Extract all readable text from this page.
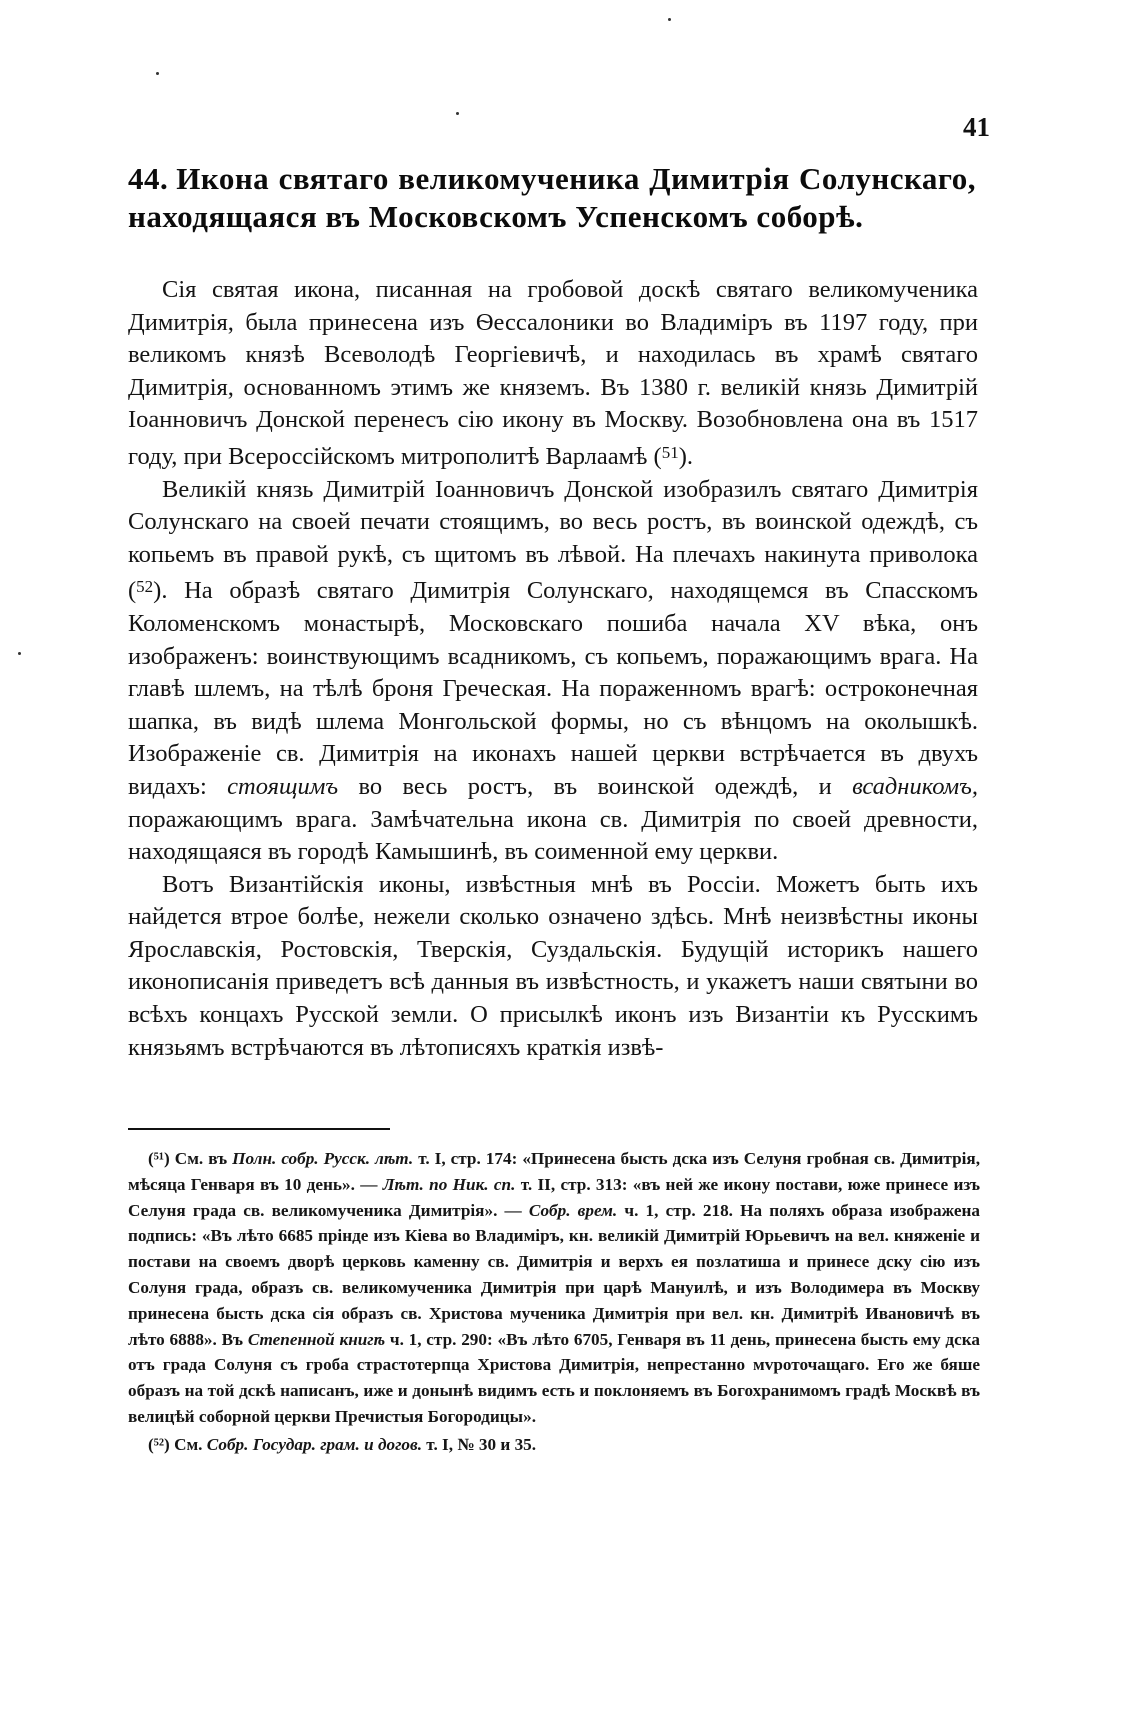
41
44. Икона святаго великомученика Димитрія Солунскаго, находящаяся въ Московскомъ Успенскомъ соборѣ.

Сія святая икона, писанная на гробовой доскѣ святаго великомученика Димитрія, была принесена изъ Ѳессалоники во Владиміръ въ 1197 году, при великомъ князѣ Всеволодѣ Георгіевичѣ, и находилась въ храмѣ святаго Димитрія, основанномъ этимъ же княземъ. Въ 1380 г. великій князь Димитрій Іоанновичъ Донской перенесъ сію икону въ Москву. Возобновлена она въ 1517 году, при Всероссійскомъ митрополитѣ Варлаамѣ ($^{51}$).

Великій князь Димитрій Іоанновичъ Донской изобразилъ святаго Димитрія Солунскаго на своей печати стоящимъ, во весь ростъ, въ воинской одеждѣ, съ копьемъ въ правой рукѣ, съ щитомъ въ лѣвой. На плечахъ накинута приволока ($^{52}$). На образѣ святаго Димитрія Солунскаго, находящемся въ Спасскомъ Коломенскомъ монастырѣ, Московскаго пошиба начала XV вѣка, онъ изображенъ: воинствующимъ всадникомъ, съ копьемъ, поражающимъ врага. На главѣ шлемъ, на тѣлѣ броня Греческая. На пораженномъ врагѣ: остроконечная шапка, въ видѣ шлема Монгольской формы, но съ вѣнцомъ на околышкѣ. Изображеніе св. Димитрія на иконахъ нашей церкви встрѣчается въ двухъ видахъ: стоящимъ во весь ростъ, въ воинской одеждѣ, и всадникомъ, поражающимъ врага. Замѣчательна икона св. Димитрія по своей древности, находящаяся въ городѣ Камышинѣ, въ соименной ему церкви.

Вотъ Византійскія иконы, извѣстныя мнѣ въ Россіи. Можетъ быть ихъ найдется втрое болѣе, нежели сколько означено здѣсь. Мнѣ неизвѣстны иконы Ярославскія, Ростовскія, Тверскія, Суздальскія. Будущій историкъ нашего иконописанія приведетъ всѣ данныя въ извѣстность, и укажетъ наши святыни во всѣхъ концахъ Русской земли. О присылкѣ иконъ изъ Византіи къ Русскимъ князьямъ встрѣчаются въ лѣтописяхъ краткія извѣ-

(⁵¹) См. въ Полн. собр. Русск. лѣт. т. I, стр. 174: «Принесена бысть дска изъ Селуня гробная св. Димитрія, мѣсяца Генваря въ 10 день». — Лѣт. по Ник. сп. т. II, стр. 313: «въ ней же икону постави, юже принесе изъ Селуня града св. великомученика Димитрія». — Собр. врем. ч. 1, стр. 218. На поляхъ образа изображена подпись: «Въ лѣто 6685 прінде изъ Кіева во Владиміръ, кн. великій Димитрій Юрьевичъ на вел. княженіе и постави на своемъ дворѣ церковь каменну св. Димитрія и верхъ ея позлатиша и принесе дску сію изъ Солуня града, образъ св. великомученика Димитрія при царѣ Мануилѣ, и изъ Володимера въ Москву принесена бысть дска сія образъ св. Христова мученика Димитрія при вел. кн. Димитріѣ Ивановичѣ въ лѣто 6888». Въ Степенной книгѣ ч. 1, стр. 290: «Въ лѣто 6705, Генваря въ 11 день, принесена бысть ему дска отъ града Солуня съ гроба страстотерпца Христова Димитрія, непрестанно мvроточащаго. Его же бяше образъ на той дскѣ написанъ, иже и донынѣ видимъ есть и поклоняемъ въ Богохранимомъ градѣ Москвѣ въ велицѣй соборной церкви Пречистыя Богородицы».

(⁵²) См. Собр. Государ. грам. и догов. т. I, № 30 и 35.
